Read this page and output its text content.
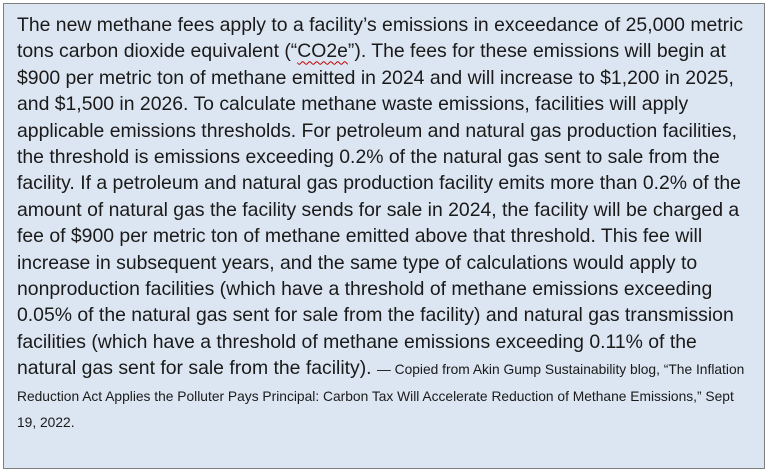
The new methane fees apply to a facility’s emissions in exceedance of 25,000 metric tons carbon dioxide equivalent (“CO2e”). The fees for these emissions will begin at $900 per metric ton of methane emitted in 2024 and will increase to $1,200 in 2025, and $1,500 in 2026. To calculate methane waste emissions, facilities will apply applicable emissions thresholds. For petroleum and natural gas production facilities, the threshold is emissions exceeding 0.2% of the natural gas sent to sale from the facility. If a petroleum and natural gas production facility emits more than 0.2% of the amount of natural gas the facility sends for sale in 2024, the facility will be charged a fee of $900 per metric ton of methane emitted above that threshold. This fee will increase in subsequent years, and the same type of calculations would apply to nonproduction facilities (which have a threshold of methane emissions exceeding 0.05% of the natural gas sent for sale from the facility) and natural gas transmission facilities (which have a threshold of methane emissions exceeding 0.11% of the natural gas sent for sale from the facility). — Copied from Akin Gump Sustainability blog, “The Inflation Reduction Act Applies the Polluter Pays Principal: Carbon Tax Will Accelerate Reduction of Methane Emissions,” Sept 19, 2022.
